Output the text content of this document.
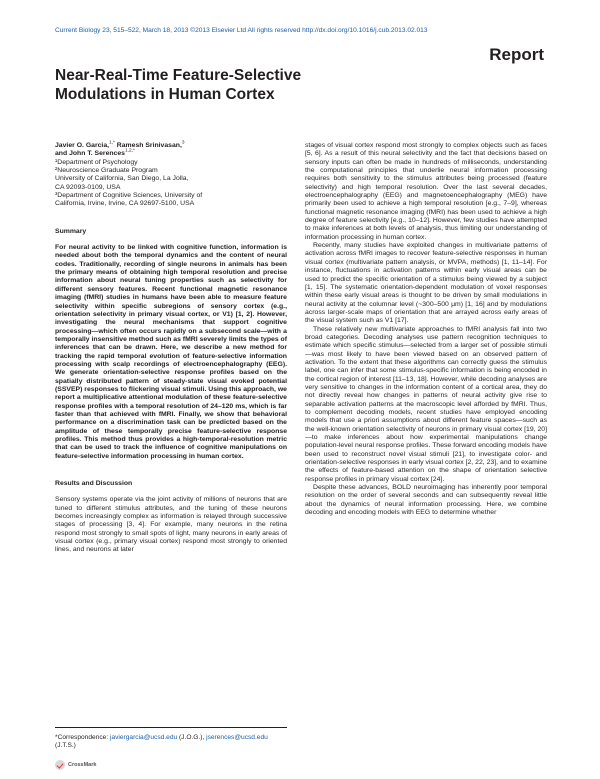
Current Biology 23, 515–522, March 18, 2013 ©2013 Elsevier Ltd All rights reserved http://dx.doi.org/10.1016/j.cub.2013.02.013
Report
Near-Real-Time Feature-Selective Modulations in Human Cortex

Javier O. Garcia,$^{1,*}$ Ramesh Srinivasan,$^3$
and John T. Serences$^{1,2,*}$

¹Department of Psychology
²Neuroscience Graduate Program
University of California, San Diego, La Jolla,
CA 92093-0109, USA
³Department of Cognitive Sciences, University of
California, Irvine, Irvine, CA 92697-5100, USA

Summary

For neural activity to be linked with cognitive function, information is needed about both the temporal dynamics and the content of neural codes. Traditionally, recording of single neurons in animals has been the primary means of obtaining high temporal resolution and precise information about neural tuning properties such as selectivity for different sensory features. Recent functional magnetic resonance imaging (fMRI) studies in humans have been able to measure feature selectivity within specific subregions of sensory cortex (e.g., orientation selectivity in primary visual cortex, or V1) [1, 2]. However, investigating the neural mechanisms that support cognitive processing—which often occurs rapidly on a subsecond scale—with a temporally insensitive method such as fMRI severely limits the types of inferences that can be drawn. Here, we describe a new method for tracking the rapid temporal evolution of feature-selective information processing with scalp recordings of electroencephalography (EEG). We generate orientation-selective response profiles based on the spatially distributed pattern of steady-state visual evoked potential (SSVEP) responses to flickering visual stimuli. Using this approach, we report a multiplicative attentional modulation of these feature-selective response profiles with a temporal resolution of 24–120 ms, which is far faster than that achieved with fMRI. Finally, we show that behavioral performance on a discrimination task can be predicted based on the amplitude of these temporally precise feature-selective response profiles. This method thus provides a high-temporal-resolution metric that can be used to track the influence of cognitive manipulations on feature-selective information processing in human cortex.

Results and Discussion

Sensory systems operate via the joint activity of millions of neurons that are tuned to different stimulus attributes, and the tuning of these neurons becomes increasingly complex as information is relayed through successive stages of processing [3, 4]. For example, many neurons in the retina respond most strongly to small spots of light, many neurons in early areas of visual cortex (e.g., primary visual cortex) respond most strongly to oriented lines, and neurons at later

stages of visual cortex respond most strongly to complex objects such as faces [5, 6]. As a result of this neural selectivity and the fact that decisions based on sensory inputs can often be made in hundreds of milliseconds, understanding the computational principles that underlie neural information processing requires both sensitivity to the stimulus attributes being processed (feature selectivity) and high temporal resolution. Over the last several decades, electroencephalography (EEG) and magnetoencephalography (MEG) have primarily been used to achieve a high temporal resolution [e.g., 7–9], whereas functional magnetic resonance imaging (fMRI) has been used to achieve a high degree of feature selectivity [e.g., 10–12]. However, few studies have attempted to make inferences at both levels of analysis, thus limiting our understanding of information processing in human cortex.

Recently, many studies have exploited changes in multivariate patterns of activation across fMRI images to recover feature-selective responses in human visual cortex (multivariate pattern analysis, or MVPA, methods) [1, 11–14]. For instance, fluctuations in activation patterns within early visual areas can be used to predict the specific orientation of a stimulus being viewed by a subject [1, 15]. The systematic orientation-dependent modulation of voxel responses within these early visual areas is thought to be driven by small modulations in neural activity at the columnar level (~300–500 μm) [1, 16] and by modulations across larger-scale maps of orientation that are arrayed across early areas of the visual system such as V1 [17].

These relatively new multivariate approaches to fMRI analysis fall into two broad categories. Decoding analyses use pattern recognition techniques to estimate which specific stimulus—selected from a larger set of possible stimuli—was most likely to have been viewed based on an observed pattern of activation. To the extent that these algorithms can correctly guess the stimulus label, one can infer that some stimulus-specific information is being encoded in the cortical region of interest [11–13, 18]. However, while decoding analyses are very sensitive to changes in the information content of a cortical area, they do not directly reveal how changes in patterns of neural activity give rise to separable activation patterns at the macroscopic level afforded by fMRI. Thus, to complement decoding models, recent studies have employed encoding models that use a priori assumptions about different feature spaces—such as the well-known orientation selectivity of neurons in primary visual cortex [19, 20]—to make inferences about how experimental manipulations change population-level neural response profiles. These forward encoding models have been used to reconstruct novel visual stimuli [21], to investigate color- and orientation-selective responses in early visual cortex [2, 22, 23], and to examine the effects of feature-based attention on the shape of orientation selective response profiles in primary visual cortex [24].

Despite these advances, BOLD neuroimaging has inherently poor temporal resolution on the order of several seconds and can subsequently reveal little about the dynamics of neural information processing. Here, we combine decoding and encoding models with EEG to determine whether

*Correspondence: javiergarcia@ucsd.edu (J.O.G.), jserences@ucsd.edu (J.T.S.)
CrossMark
